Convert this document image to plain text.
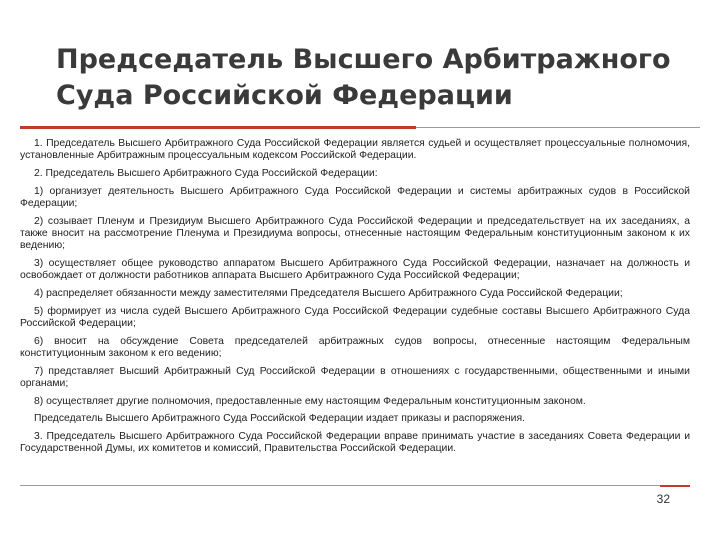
Председатель Высшего Арбитражного Суда Российской Федерации

1. Председатель Высшего Арбитражного Суда Российской Федерации является судьей и осуществляет процессуальные полномочия, установленные Арбитражным процессуальным кодексом Российской Федерации.

2. Председатель Высшего Арбитражного Суда Российской Федерации:

1) организует деятельность Высшего Арбитражного Суда Российской Федерации и системы арбитражных судов в Российской Федерации;

2) созывает Пленум и Президиум Высшего Арбитражного Суда Российской Федерации и председательствует на их заседаниях, а также вносит на рассмотрение Пленума и Президиума вопросы, отнесенные настоящим Федеральным конституционным законом к их ведению;

3) осуществляет общее руководство аппаратом Высшего Арбитражного Суда Российской Федерации, назначает на должность и освобождает от должности работников аппарата Высшего Арбитражного Суда Российской Федерации;

4) распределяет обязанности между заместителями Председателя Высшего Арбитражного Суда Российской Федерации;

5) формирует из числа судей Высшего Арбитражного Суда Российской Федерации судебные составы Высшего Арбитражного Суда Российской Федерации;

6) вносит на обсуждение Совета председателей арбитражных судов вопросы, отнесенные настоящим Федеральным конституционным законом к его ведению;

7) представляет Высший Арбитражный Суд Российской Федерации в отношениях с государственными, общественными и иными органами;

8) осуществляет другие полномочия, предоставленные ему настоящим Федеральным конституционным законом.

Председатель Высшего Арбитражного Суда Российской Федерации издает приказы и распоряжения.

3. Председатель Высшего Арбитражного Суда Российской Федерации вправе принимать участие в заседаниях Совета Федерации и Государственной Думы, их комитетов и комиссий, Правительства Российской Федерации.

32
